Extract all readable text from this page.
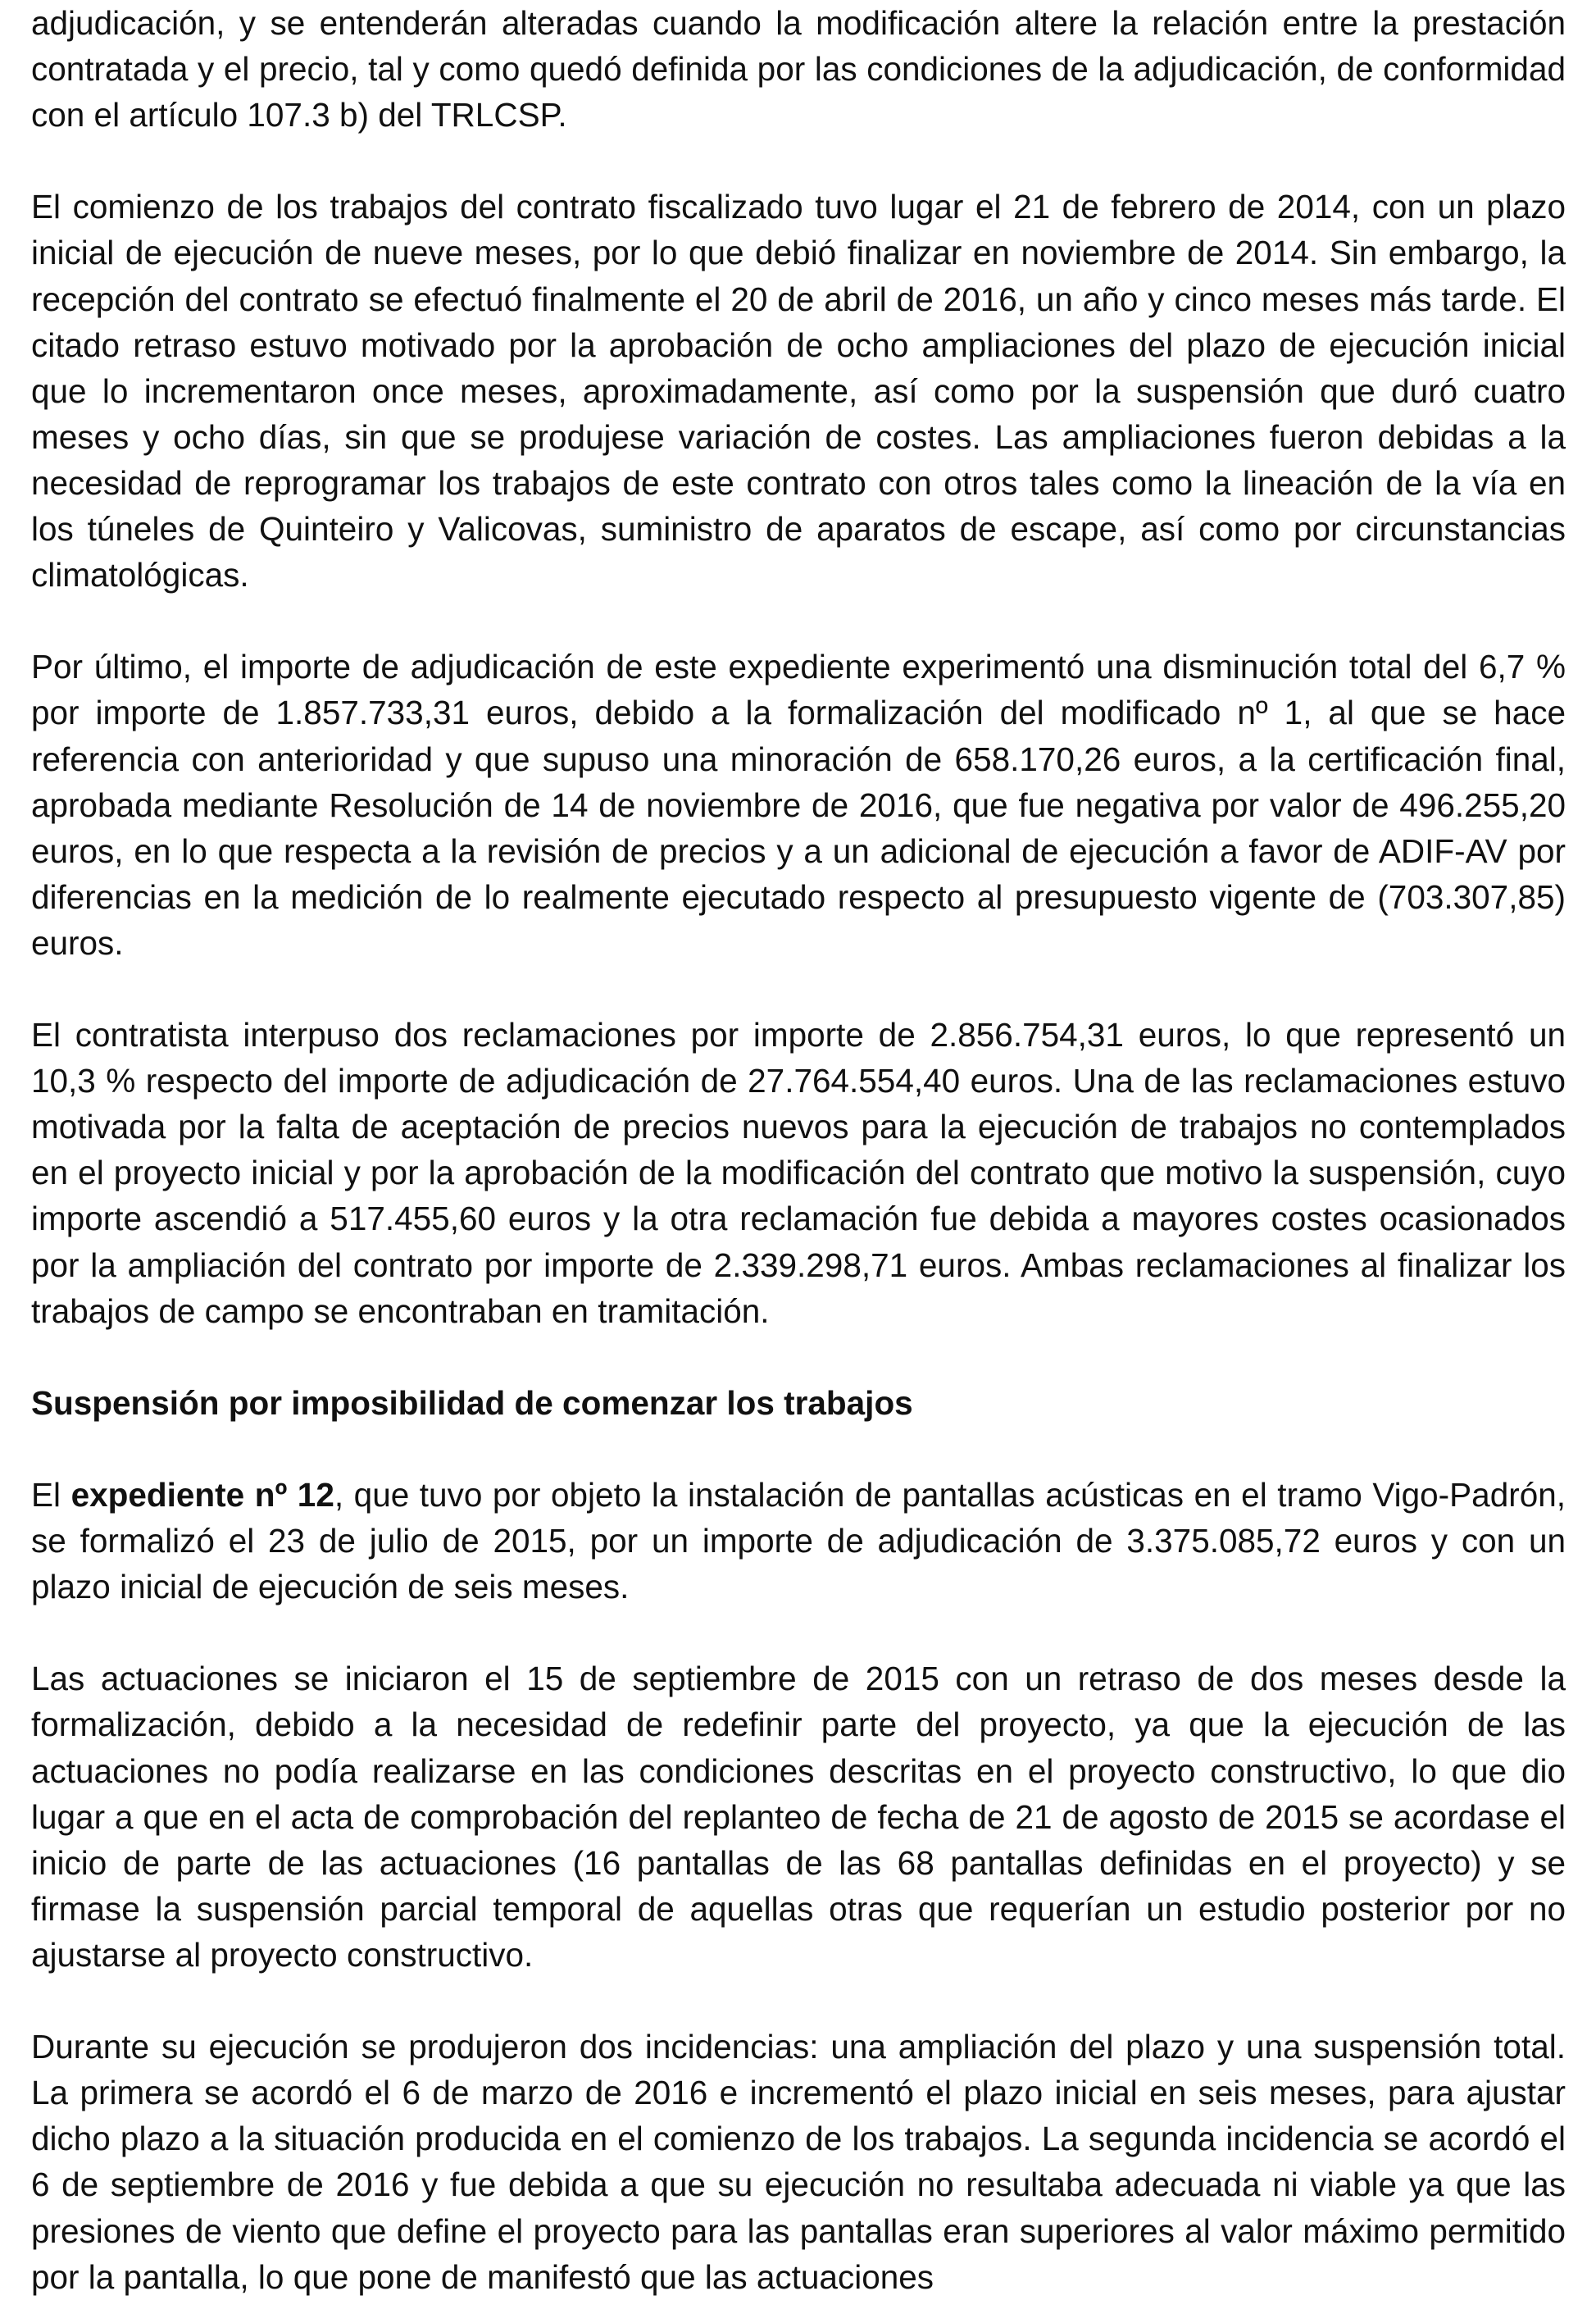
adjudicación, y se entenderán alteradas cuando la modificación altere la relación entre la prestación contratada y el precio, tal y como quedó definida por las condiciones de la adjudicación, de conformidad con el artículo 107.3 b) del TRLCSP.

El comienzo de los trabajos del contrato fiscalizado tuvo lugar el 21 de febrero de 2014, con un plazo inicial de ejecución de nueve meses, por lo que debió finalizar en noviembre de 2014. Sin embargo, la recepción del contrato se efectuó finalmente el 20 de abril de 2016, un año y cinco meses más tarde. El citado retraso estuvo motivado por la aprobación de ocho ampliaciones del plazo de ejecución inicial que lo incrementaron once meses, aproximadamente, así como por la suspensión que duró cuatro meses y ocho días, sin que se produjese variación de costes. Las ampliaciones fueron debidas a la necesidad de reprogramar los trabajos de este contrato con otros tales como la lineación de la vía en los túneles de Quinteiro y Valicovas, suministro de aparatos de escape, así como por circunstancias climatológicas.

Por último, el importe de adjudicación de este expediente experimentó una disminución total del 6,7 % por importe de 1.857.733,31 euros, debido a la formalización del modificado nº 1, al que se hace referencia con anterioridad y que supuso una minoración de 658.170,26 euros, a la certificación final, aprobada mediante Resolución de 14 de noviembre de 2016, que fue negativa por valor de 496.255,20 euros, en lo que respecta a la revisión de precios y a un adicional de ejecución a favor de ADIF-AV por diferencias en la medición de lo realmente ejecutado respecto al presupuesto vigente de (703.307,85) euros.

El contratista interpuso dos reclamaciones por importe de 2.856.754,31 euros, lo que representó un 10,3 % respecto del importe de adjudicación de 27.764.554,40 euros. Una de las reclamaciones estuvo motivada por la falta de aceptación de precios nuevos para la ejecución de trabajos no contemplados en el proyecto inicial y por la aprobación de la modificación del contrato que motivo la suspensión, cuyo importe ascendió a 517.455,60 euros y la otra reclamación fue debida a mayores costes ocasionados por la ampliación del contrato por importe de 2.339.298,71 euros. Ambas reclamaciones al finalizar los trabajos de campo se encontraban en tramitación.

Suspensión por imposibilidad de comenzar los trabajos

El expediente nº 12, que tuvo por objeto la instalación de pantallas acústicas en el tramo Vigo-Padrón, se formalizó el 23 de julio de 2015, por un importe de adjudicación de 3.375.085,72 euros y con un plazo inicial de ejecución de seis meses.

Las actuaciones se iniciaron el 15 de septiembre de 2015 con un retraso de dos meses desde la formalización, debido a la necesidad de redefinir parte del proyecto, ya que la ejecución de las actuaciones no podía realizarse en las condiciones descritas en el proyecto constructivo, lo que dio lugar a que en el acta de comprobación del replanteo de fecha de 21 de agosto de 2015 se acordase el inicio de parte de las actuaciones (16 pantallas de las 68 pantallas definidas en el proyecto) y se firmase la suspensión parcial temporal de aquellas otras que requerían un estudio posterior por no ajustarse al proyecto constructivo.

Durante su ejecución se produjeron dos incidencias: una ampliación del plazo y una suspensión total. La primera se acordó el 6 de marzo de 2016 e incrementó el plazo inicial en seis meses, para ajustar dicho plazo a la situación producida en el comienzo de los trabajos. La segunda incidencia se acordó el 6 de septiembre de 2016 y fue debida a que su ejecución no resultaba adecuada ni viable ya que las presiones de viento que define el proyecto para las pantallas eran superiores al valor máximo permitido por la pantalla, lo que pone de manifestó que las actuaciones
